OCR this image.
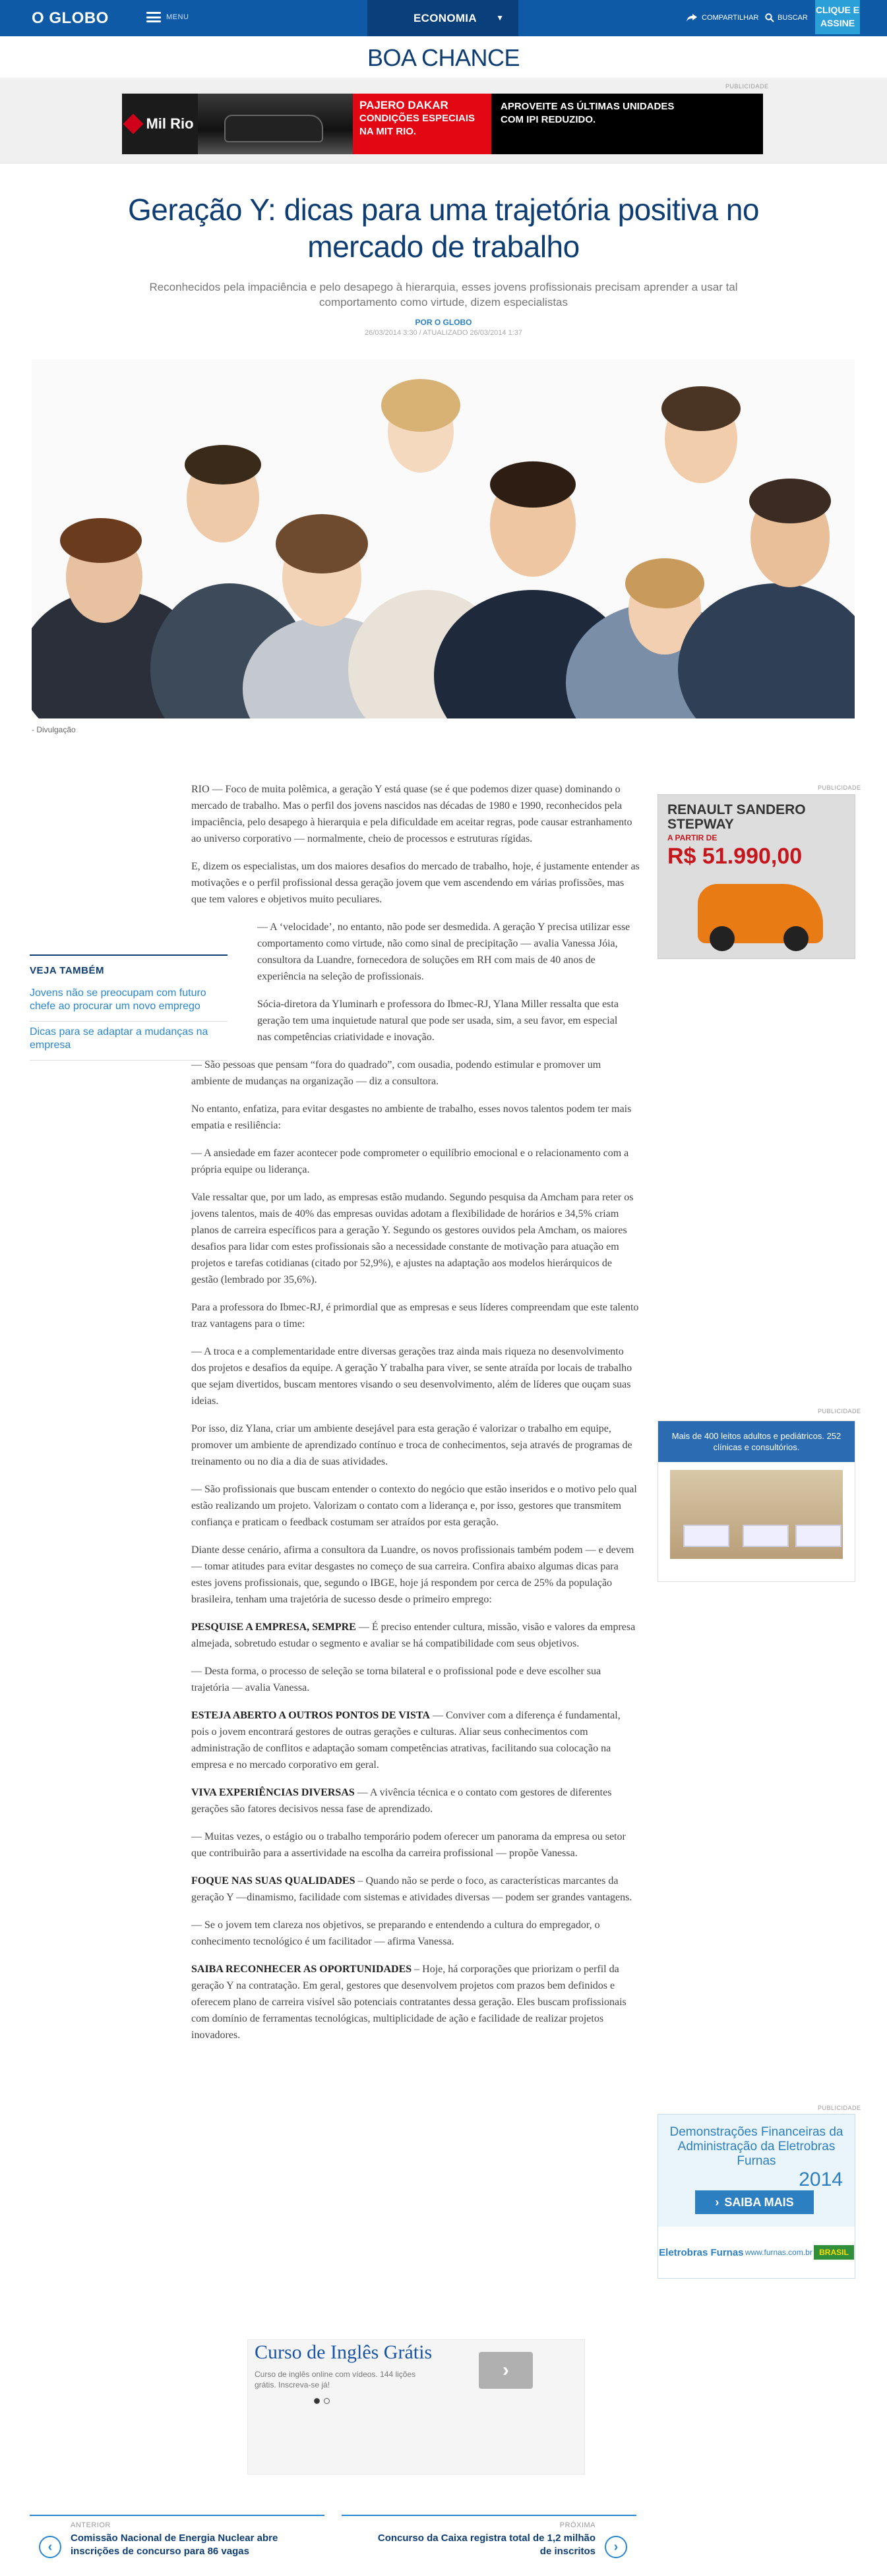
O GLOBO	MENU	ECONOMIA ▼	COMPARTILHAR	BUSCAR
CLIQUE E
ASSINE
BOA CHANCE
PUBLICIDADE
Mil Rio
PAJERO DAKAR
CONDIÇÕES ESPECIAIS
NA MIT RIO.
APROVEITE AS ÚLTIMAS UNIDADES
COM IPI REDUZIDO.
Geração Y: dicas para uma trajetória positiva no mercado de trabalho

Reconhecidos pela impaciência e pelo desapego à hierarquia, esses jovens profissionais precisam aprender a usar tal comportamento como virtude, dizem especialistas

POR O GLOBO
26/03/2014 3:30 / ATUALIZADO 26/03/2014 1:37
- Divulgação
VEJA TAMBÉM
Jovens não se preocupam com futuro chefe ao procurar um novo emprego
Dicas para se adaptar a mudanças na empresa

RIO — Foco de muita polêmica, a geração Y está quase (se é que podemos dizer quase) dominando o mercado de trabalho. Mas o perfil dos jovens nascidos nas décadas de 1980 e 1990, reconhecidos pela impaciência, pelo desapego à hierarquia e pela dificuldade em aceitar regras, pode causar estranhamento ao universo corporativo — normalmente, cheio de processos e estruturas rígidas.

E, dizem os especialistas, um dos maiores desafios do mercado de trabalho, hoje, é justamente entender as motivações e o perfil profissional dessa geração jovem que vem ascendendo em várias profissões, mas que tem valores e objetivos muito peculiares.

— A ‘velocidade’, no entanto, não pode ser desmedida. A geração Y precisa utilizar esse comportamento como virtude, não como sinal de precipitação — avalia Vanessa Jóia, consultora da Luandre, fornecedora de soluções em RH com mais de 40 anos de experiência na seleção de profissionais.

Sócia-diretora da Yluminarh e professora do Ibmec-RJ, Ylana Miller ressalta que esta geração tem uma inquietude natural que pode ser usada, sim, a seu favor, em especial nas competências criatividade e inovação.

— São pessoas que pensam “fora do quadrado”, com ousadia, podendo estimular e promover um ambiente de mudanças na organização — diz a consultora.

No entanto, enfatiza, para evitar desgastes no ambiente de trabalho, esses novos talentos podem ter mais empatia e resiliência:

— A ansiedade em fazer acontecer pode comprometer o equilíbrio emocional e o relacionamento com a própria equipe ou liderança.

Vale ressaltar que, por um lado, as empresas estão mudando. Segundo pesquisa da Amcham para reter os jovens talentos, mais de 40% das empresas ouvidas adotam a flexibilidade de horários e 34,5% criam planos de carreira específicos para a geração Y. Segundo os gestores ouvidos pela Amcham, os maiores desafios para lidar com estes profissionais são a necessidade constante de motivação para atuação em projetos e tarefas cotidianas (citado por 52,9%), e ajustes na adaptação aos modelos hierárquicos de gestão (lembrado por 35,6%).

Para a professora do Ibmec-RJ, é primordial que as empresas e seus líderes compreendam que este talento traz vantagens para o time:

— A troca e a complementaridade entre diversas gerações traz ainda mais riqueza no desenvolvimento dos projetos e desafios da equipe. A geração Y trabalha para viver, se sente atraída por locais de trabalho que sejam divertidos, buscam mentores visando o seu desenvolvimento, além de líderes que ouçam suas ideias.

Por isso, diz Ylana, criar um ambiente desejável para esta geração é valorizar o trabalho em equipe, promover um ambiente de aprendizado contínuo e troca de conhecimentos, seja através de programas de treinamento ou no dia a dia de suas atividades.

— São profissionais que buscam entender o contexto do negócio que estão inseridos e o motivo pelo qual estão realizando um projeto. Valorizam o contato com a liderança e, por isso, gestores que transmitem confiança e praticam o feedback costumam ser atraídos por esta geração.

Diante desse cenário, afirma a consultora da Luandre, os novos profissionais também podem — e devem — tomar atitudes para evitar desgastes no começo de sua carreira. Confira abaixo algumas dicas para estes jovens profissionais, que, segundo o IBGE, hoje já respondem por cerca de 25% da população brasileira, tenham uma trajetória de sucesso desde o primeiro emprego:

PESQUISE A EMPRESA, SEMPRE — É preciso entender cultura, missão, visão e valores da empresa almejada, sobretudo estudar o segmento e avaliar se há compatibilidade com seus objetivos.

— Desta forma, o processo de seleção se torna bilateral e o profissional pode e deve escolher sua trajetória — avalia Vanessa.

ESTEJA ABERTO A OUTROS PONTOS DE VISTA — Conviver com a diferença é fundamental, pois o jovem encontrará gestores de outras gerações e culturas. Aliar seus conhecimentos com administração de conflitos e adaptação somam competências atrativas, facilitando sua colocação na empresa e no mercado corporativo em geral.

VIVA EXPERIÊNCIAS DIVERSAS — A vivência técnica e o contato com gestores de diferentes gerações são fatores decisivos nessa fase de aprendizado.

— Muitas vezes, o estágio ou o trabalho temporário podem oferecer um panorama da empresa ou setor que contribuirão para a assertividade na escolha da carreira profissional — propõe Vanessa.

FOQUE NAS SUAS QUALIDADES – Quando não se perde o foco, as características marcantes da geração Y —dinamismo, facilidade com sistemas e atividades diversas — podem ser grandes vantagens.

— Se o jovem tem clareza nos objetivos, se preparando e entendendo a cultura do empregador, o conhecimento tecnológico é um facilitador — afirma Vanessa.

SAIBA RECONHECER AS OPORTUNIDADES – Hoje, há corporações que priorizam o perfil da geração Y na contratação. Em geral, gestores que desenvolvem projetos com prazos bem definidos e oferecem plano de carreira visível são potenciais contratantes dessa geração. Eles buscam profissionais com domínio de ferramentas tecnológicas, multiplicidade de ação e facilidade de realizar projetos inovadores.

PUBLICIDADE
RENAULT SANDERO STEPWAY
A PARTIR DE
R$ 51.990,00
PUBLICIDADE
Mais de 400 leitos adultos e pediátricos. 252 clínicas e consultórios.
PUBLICIDADE
Demonstrações Financeiras da Administração da Eletrobras Furnas
2014
› SAIBA MAIS
Eletrobras Furnas www.furnas.com.br BRASIL
Curso de Inglês Grátis
Curso de inglês online com vídeos. 144 lições grátis. Inscreva-se já!
›
ANTERIOR
‹
Comissão Nacional de Energia Nuclear abre inscrições de concurso para 86 vagas
PRÓXIMA
›
Concurso da Caixa registra total de 1,2 milhão de inscritos
